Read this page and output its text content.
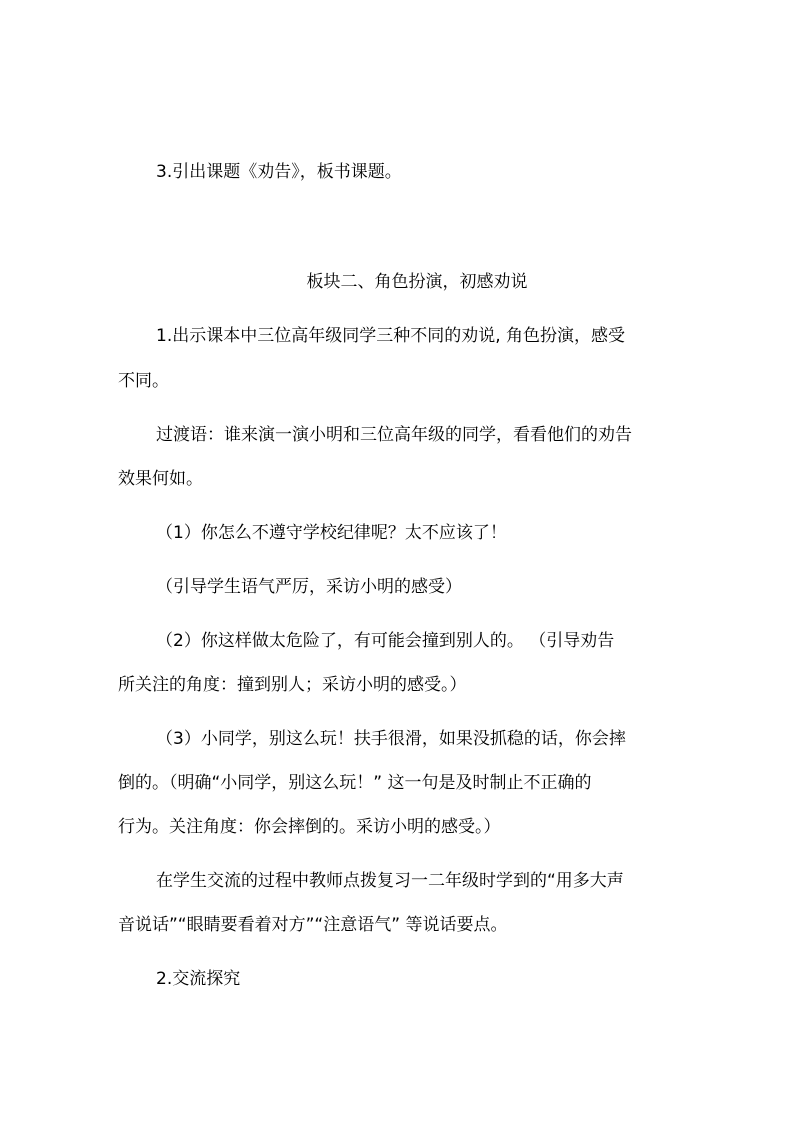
3.引出课题《劝告》，板书课题。

板块二、角色扮演，初感劝说

1.出示课本中三位高年级同学三种不同的劝说, 角色扮演，感受

不同。

过渡语：谁来演一演小明和三位高年级的同学，看看他们的劝告

效果何如。

（1）你怎么不遵守学校纪律呢？太不应该了！

（引导学生语气严厉，采访小明的感受）

（2）你这样做太危险了，有可能会撞到别人的。 （引导劝告

所关注的角度：撞到别人；采访小明的感受。）

（3）小同学，别这么玩！扶手很滑，如果没抓稳的话，你会摔

倒的。（明确“小同学，别这么玩！” 这一句是及时制止不正确的

行为。关注角度：你会摔倒的。采访小明的感受。）

在学生交流的过程中教师点拨复习一二年级时学到的“用多大声

音说话”“眼睛要看着对方”“注意语气” 等说话要点。

2.交流探究
